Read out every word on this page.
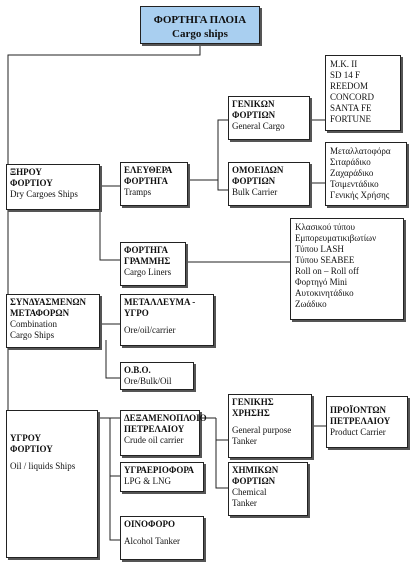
ΦΟΡΤΗΓΑ ΠΛΟΙΑ
Cargo ships
ΞΗΡΟΥ
ΦΟΡΤΙΟΥ
Dry Cargoes Ships
ΕΛΕΥΘΕΡΑ
ΦΟΡΤΗΓΑ
Tramps
ΓΕΝΙΚΩΝ
ΦΟΡΤΙΩΝ
General Cargo
M.K. II
SD 14 F
REEDOM
CONCORD
SANTA FE
FORTUNE
ΟΜΟΕΙΔΩΝ
ΦΟΡΤΙΩΝ
Bulk Carrier
Μεταλλατοφόρα
Σιταράδικο
Ζαχαράδικο
Τσιμεντάδικο
Γενικής Χρήσης
ΦΟΡΤΗΓΑ
ΓΡΑΜΜΗΣ
Cargo Liners
Κλασικού τύπου
Εμπορευματικιβωτίων
Τύπου LASH
Τύπου SEABEE
Roll on – Roll off
Φορτηγό Mini
Αυτοκινητάδικο
Ζωάδικο
ΣΥΝΔΥΑΣΜΕΝΩΝ
ΜΕΤΑΦΟΡΩΝ
Combination
Cargo Ships
ΜΕΤΑΛΛΕΥΜΑ -
ΥΓΡΟ
Ore/oil/carrier
Ο.Β.Ο.
Ore/Bulk/Oil
ΥΓΡΟΥ
ΦΟΡΤΙΟΥ
Oil / liquids Ships
ΔΕΞΑΜΕΝΟΠΛΟΙΟ
ΠΕΤΡΕΛΑΙΟΥ
Crude oil carrier
ΓΕΝΙΚΗΣ
ΧΡΗΣΗΣ
General purpose
Tanker
ΠΡΟΪΟΝΤΩΝ
ΠΕΤΡΕΛΑΙΟΥ
Product Carrier
ΧΗΜΙΚΩΝ
ΦΟΡΤΙΩΝ
Chemical
Tanker
ΥΓΡΑΕΡΙΟΦΟΡΑ
LPG & LNG
ΟΙΝΟΦΟΡΟ
Alcohol Tanker
